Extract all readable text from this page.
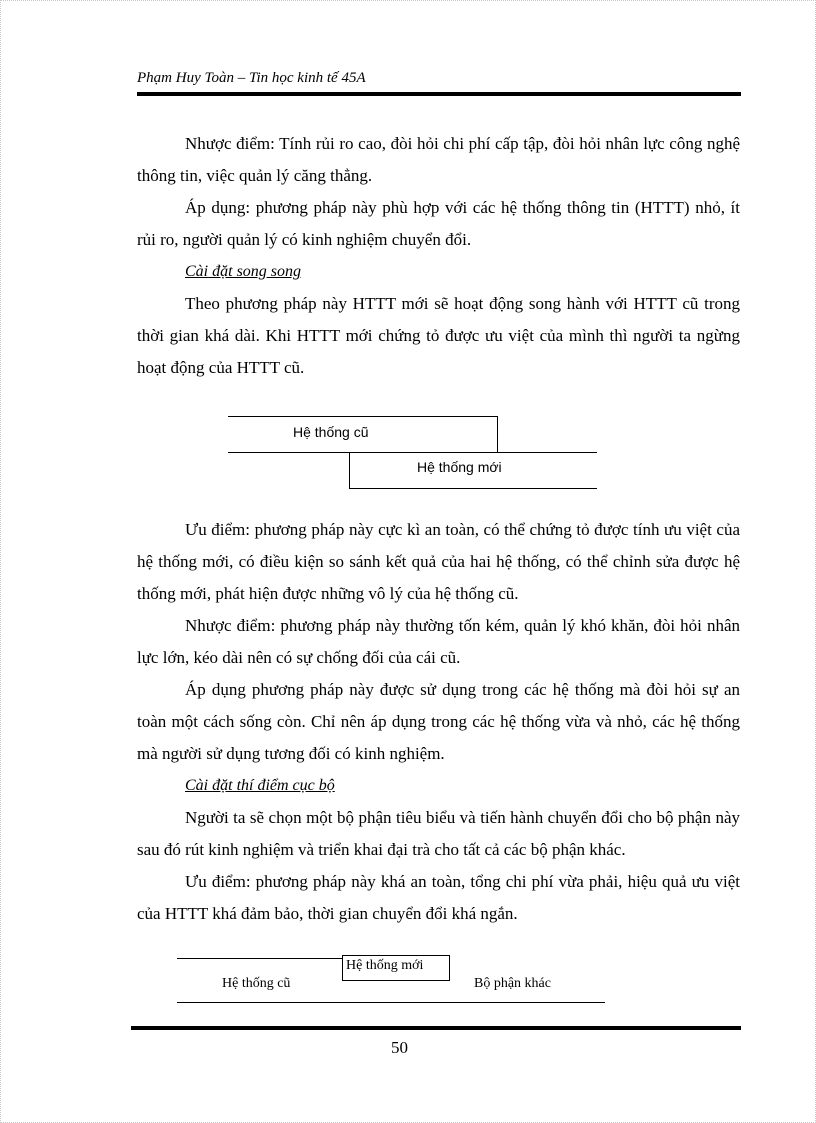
Phạm Huy Toàn – Tin học kinh tế 45A

Nhược điểm: Tính rủi ro cao, đòi hỏi chi phí cấp tập, đòi hỏi nhân lực công nghệ thông tin, việc quản lý căng thẳng.

Áp dụng: phương pháp này phù hợp với các hệ thống thông tin (HTTT) nhỏ, ít rủi ro, người quản lý có kinh nghiệm chuyển đổi.

Cài đặt song song

Theo phương pháp này HTTT mới sẽ hoạt động song hành với HTTT cũ trong thời gian khá dài. Khi HTTT mới chứng tỏ được ưu việt của mình thì người ta ngừng hoạt động của HTTT cũ.

Hệ thống cũ
Hệ thống mới

Ưu điểm: phương pháp này cực kì an toàn, có thể chứng tỏ được tính ưu việt của hệ thống mới, có điều kiện so sánh kết quả của hai hệ thống, có thể chỉnh sửa được hệ thống mới, phát hiện được những vô lý của hệ thống cũ.

Nhược điểm: phương pháp này thường tốn kém, quản lý khó khăn, đòi hỏi nhân lực lớn, kéo dài nên có sự chống đối của cái cũ.

Áp dụng phương pháp này được sử dụng trong các hệ thống mà đòi hỏi sự an toàn một cách sống còn. Chỉ nên áp dụng trong các hệ thống vừa và nhỏ, các hệ thống mà người sử dụng tương đối có kinh nghiệm.

Cài đặt thí điểm cục bộ

Người ta sẽ chọn một bộ phận tiêu biểu và tiến hành chuyển đổi cho bộ phận này sau đó rút kinh nghiệm và triển khai đại trà cho tất cả các bộ phận khác.

Ưu điểm: phương pháp này khá an toàn, tổng chi phí vừa phải, hiệu quả ưu việt của HTTT khá đảm bảo, thời gian chuyển đổi khá ngắn.

Hệ thống mới
Hệ thống cũ	Bộ phận khác
50
